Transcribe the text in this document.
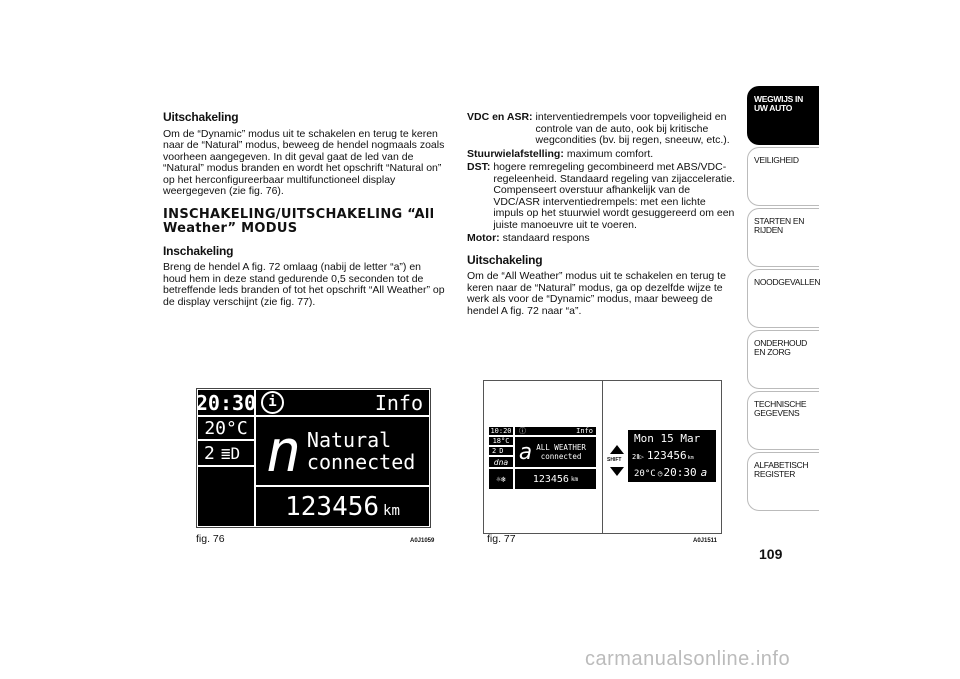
Uitschakeling
Om de “Dynamic” modus uit te schakelen en terug te keren naar de “Natural” modus, beweeg de hendel nogmaals zoals voorheen aangegeven. In dit geval gaat de led van de “Natural” modus branden en wordt het opschrift “Natural on” op het herconfigureerbaar multifunctioneel display weergegeven (zie fig. 76).
INSCHAKELING/UITSCHAKELING “All Weather” MODUS
Inschakeling
Breng de hendel A fig. 72 omlaag (nabij de letter “a”) en houd hem in deze stand gedurende 0,5 seconden tot de betreffende leds branden of tot het opschrift “All Weather” op de display verschijnt (zie fig. 77).
VDC en ASR: interventiedrempels voor topveiligheid en controle van de auto, ook bij kritische wegcondities (bv. bij regen, sneeuw, etc.).
Stuurwielafstelling: maximum comfort.
DST: hogere remregeling gecombineerd met ABS/VDC-regeleenheid. Standaard regeling van zijacceleratie. Compenseert overstuur afhankelijk van de VDC/ASR interventiedrempels: met een lichte impuls op het stuurwiel wordt gesuggereerd om een juiste manoeuvre uit te voeren.
Motor: standaard respons
Uitschakeling
Om de “All Weather” modus uit te schakelen en terug te keren naar de “Natural” modus, ga op dezelfde wijze te werk als voor de “Dynamic” modus, maar beweeg de hendel A fig. 72 naar “a”.
20:30 i	Info
20°C
2 ≣D n Natural
connected
123456 km
fig. 76	A0J1059
10:20 ⓘ	Info
18°C
2 D
dna
☼❄
a ALL WEATHER
connected
123456 km
SHIFT
Mon 15 Mar
2Ⅱ▷ 123456 km
20°C ◷ 20:30 a
fig. 77	A0J1511
WEGWIJS IN UW AUTO
VEILIGHEID
STARTEN EN RIJDEN
NOODGEVALLEN
ONDERHOUD EN ZORG
TECHNISCHE GEGEVENS
ALFABETISCH REGISTER
109
carmanualsonline.info
